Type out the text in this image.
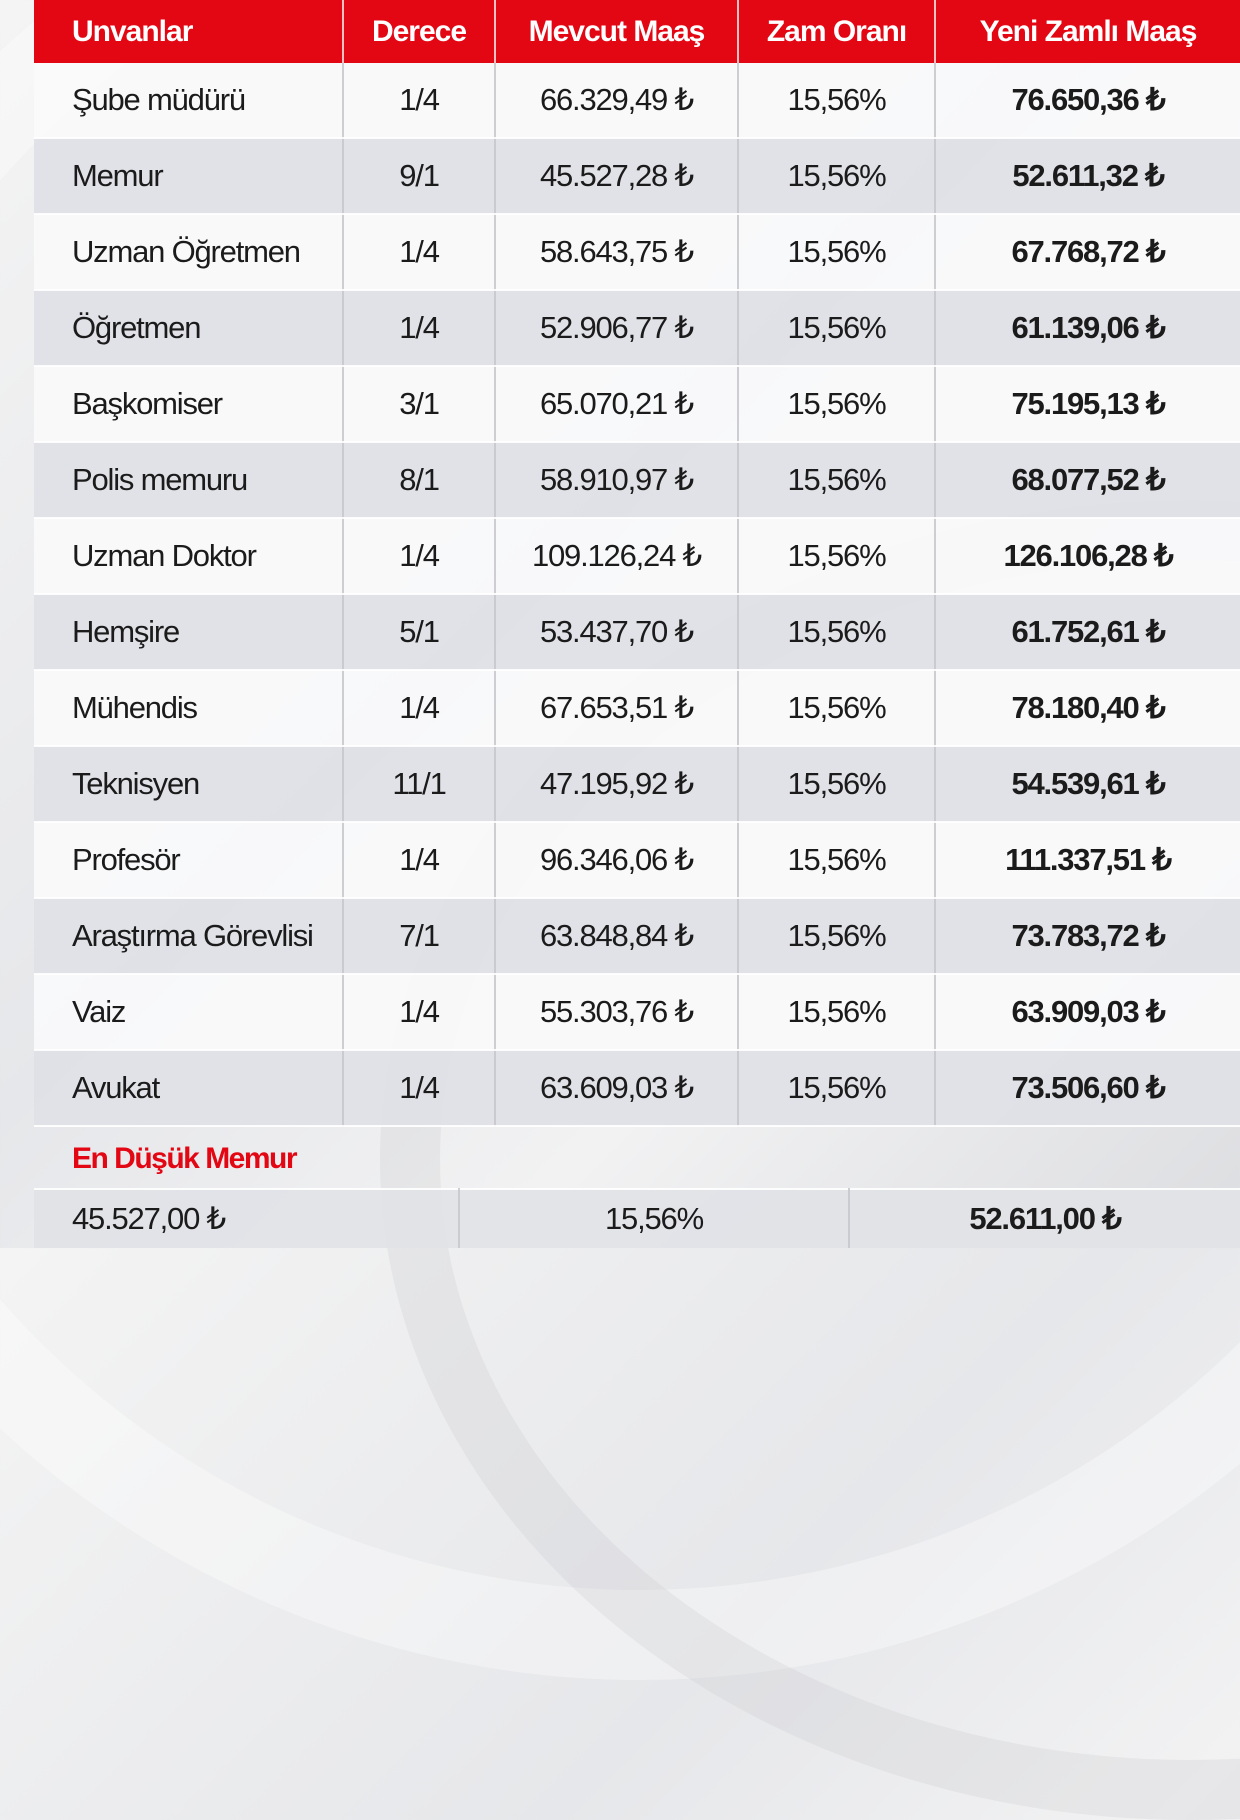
Unvanlar	Derece	Mevcut Maaş	Zam Oranı	Yeni Zamlı Maaş
Şube müdürü	1/4	66.329,49 ₺	15,56%	76.650,36 ₺
Memur	9/1	45.527,28 ₺	15,56%	52.611,32 ₺
Uzman Öğretmen	1/4	58.643,75 ₺	15,56%	67.768,72 ₺
Öğretmen	1/4	52.906,77 ₺	15,56%	61.139,06 ₺
Başkomiser	3/1	65.070,21 ₺	15,56%	75.195,13 ₺
Polis memuru	8/1	58.910,97 ₺	15,56%	68.077,52 ₺
Uzman Doktor	1/4	109.126,24 ₺	15,56%	126.106,28 ₺
Hemşire	5/1	53.437,70 ₺	15,56%	61.752,61 ₺
Mühendis	1/4	67.653,51 ₺	15,56%	78.180,40 ₺
Teknisyen	11/1	47.195,92 ₺	15,56%	54.539,61 ₺
Profesör	1/4	96.346,06 ₺	15,56%	111.337,51 ₺
Araştırma Görevlisi	7/1	63.848,84 ₺	15,56%	73.783,72 ₺
Vaiz	1/4	55.303,76 ₺	15,56%	63.909,03 ₺
Avukat	1/4	63.609,03 ₺	15,56%	73.506,60 ₺
En Düşük Memur
45.527,00 ₺	15,56%	52.611,00 ₺
